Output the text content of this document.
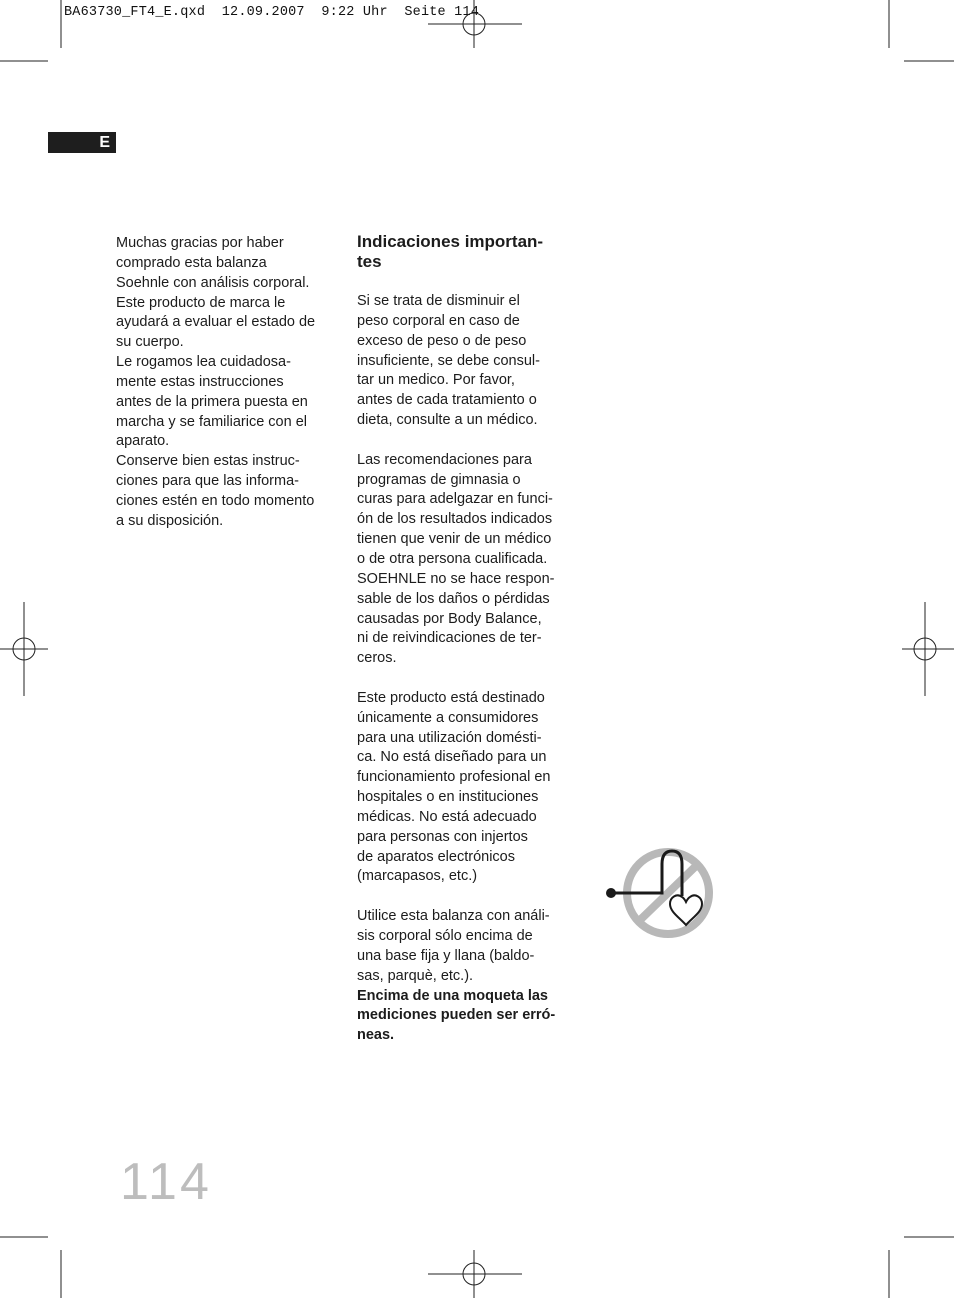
BA63730_FT4_E.qxd  12.09.2007  9:22 Uhr  Seite 114
E

Muchas gracias por haber
comprado esta balanza
Soehnle con análisis corporal.
Este producto de marca le
ayudará a evaluar el estado de
su cuerpo.

Le rogamos lea cuidadosa-
mente estas instrucciones
antes de la primera puesta en
marcha y se familiarice con el
aparato.

Conserve bien estas instruc-
ciones para que las informa-
ciones estén en todo momento
a su disposición.

Indicaciones importan-
tes

Si se trata de disminuir el
peso corporal en caso de
exceso de peso o de peso
insuficiente, se debe consul-
tar un medico. Por favor,
antes de cada tratamiento o
dieta, consulte a un médico.

Las recomendaciones para
programas de gimnasia o
curas para adelgazar en funci-
ón de los resultados indicados
tienen que venir de un médico
o de otra persona cualificada.
SOEHNLE no se hace respon-
sable de los daños o pérdidas
causadas por Body Balance,
ni de reivindicaciones de ter-
ceros.

Este producto está destinado
únicamente a consumidores
para una utilización domésti-
ca. No está diseñado para un
funcionamiento profesional en
hospitales o en instituciones
médicas. No está adecuado
para personas con injertos
de aparatos electrónicos
(marcapasos, etc.)

Utilice esta balanza con análi-
sis corporal sólo encima de
una base fija y llana (baldo-
sas, parquè, etc.).

Encima de una moqueta las
mediciones pueden ser erró-
neas.

114
